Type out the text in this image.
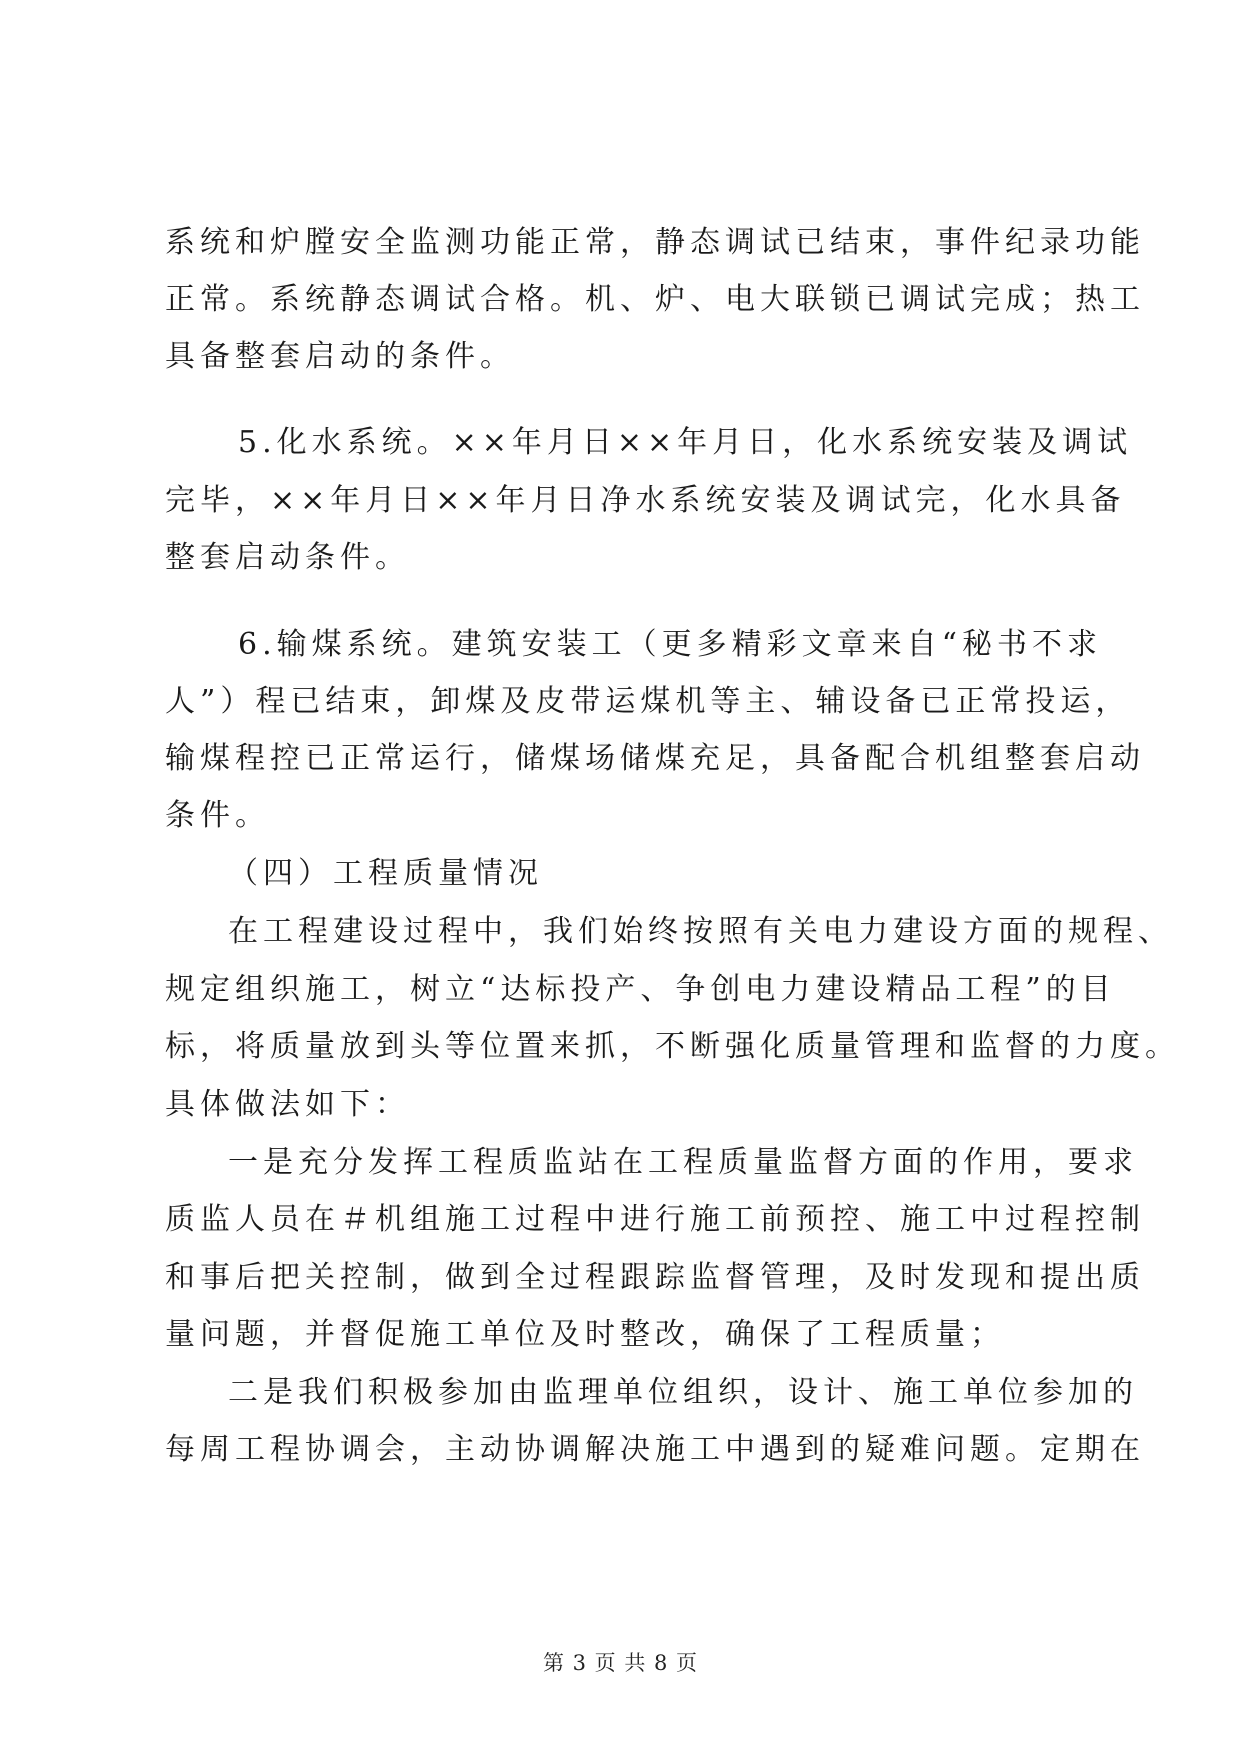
系统和炉膛安全监测功能正常，静态调试已结束，事件纪录功能

正常。系统静态调试合格。机、炉、电大联锁已调试完成；热工

具备整套启动的条件。

5.化水系统。××年月日××年月日，化水系统安装及调试

完毕，××年月日××年月日净水系统安装及调试完，化水具备

整套启动条件。

6.输煤系统。建筑安装工（更多精彩文章来自“秘书不求

人”）程已结束，卸煤及皮带运煤机等主、辅设备已正常投运，

输煤程控已正常运行，储煤场储煤充足，具备配合机组整套启动

条件。

（四）工程质量情况

在工程建设过程中，我们始终按照有关电力建设方面的规程、

规定组织施工，树立“达标投产、争创电力建设精品工程”的目

标，将质量放到头等位置来抓，不断强化质量管理和监督的力度。

具体做法如下：

一是充分发挥工程质监站在工程质量监督方面的作用，要求

质监人员在＃机组施工过程中进行施工前预控、施工中过程控制

和事后把关控制，做到全过程跟踪监督管理，及时发现和提出质

量问题，并督促施工单位及时整改，确保了工程质量；

二是我们积极参加由监理单位组织，设计、施工单位参加的

每周工程协调会，主动协调解决施工中遇到的疑难问题。定期在

第 3 页 共 8 页
